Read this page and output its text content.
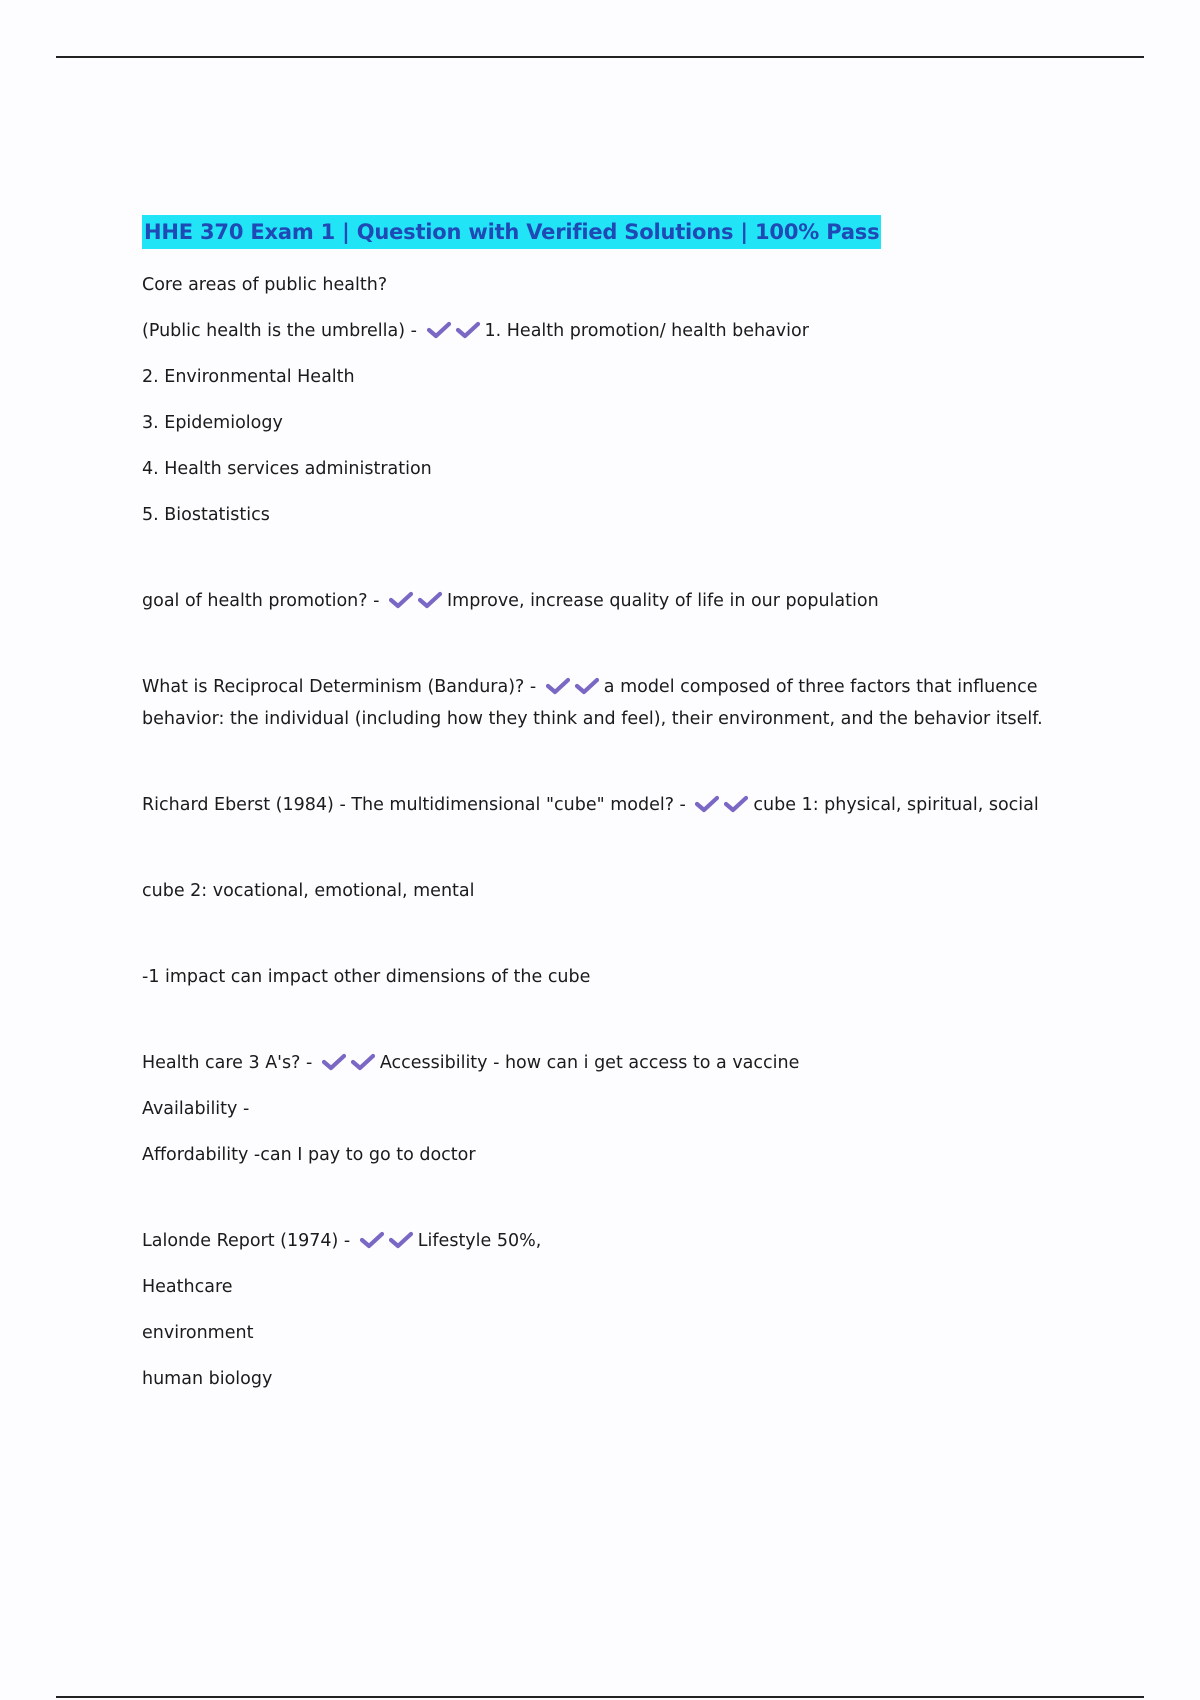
HHE 370 Exam 1 | Question with Verified Solutions | 100% Pass

Core areas of public health?

(Public health is the umbrella) -	1. Health promotion/ health behavior

2. Environmental Health

3. Epidemiology

4. Health services administration

5. Biostatistics

goal of health promotion? -	Improve, increase quality of life in our population

What is Reciprocal Determinism (Bandura)? -	a model composed of three factors that influence

behavior: the individual (including how they think and feel), their environment, and the behavior itself.

Richard Eberst (1984) - The multidimensional "cube" model? -	cube 1: physical, spiritual, social

cube 2: vocational, emotional, mental

-1 impact can impact other dimensions of the cube

Health care 3 A's? -	Accessibility - how can i get access to a vaccine

Availability -

Affordability -can I pay to go to doctor

Lalonde Report (1974) -	Lifestyle 50%,

Heathcare

environment

human biology
